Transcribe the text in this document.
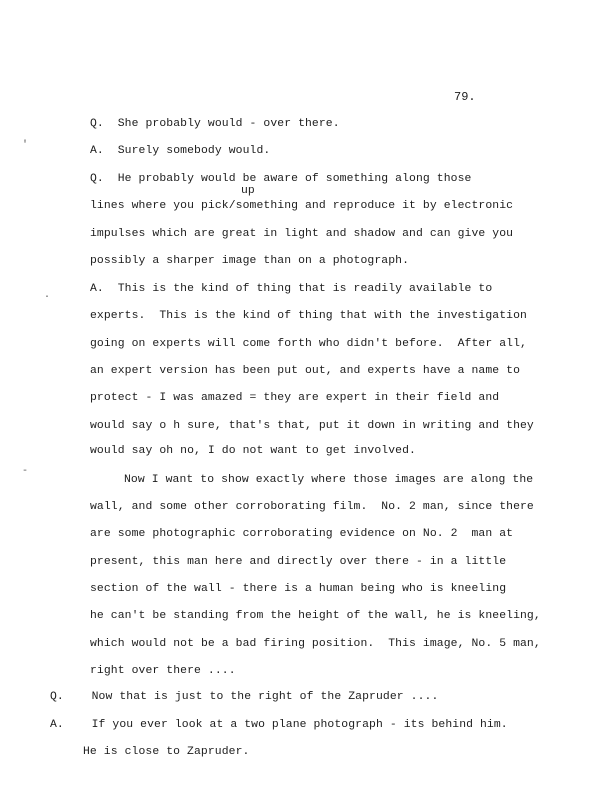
79.
'
.
-
Q.  She probably would - over there.
A.  Surely somebody would.
Q.  He probably would be aware of something along those
up
lines where you pick/something and reproduce it by electronic
impulses which are great in light and shadow and can give you
possibly a sharper image than on a photograph.
A.  This is the kind of thing that is readily available to
experts.  This is the kind of thing that with the investigation
going on experts will come forth who didn't before.  After all,
an expert version has been put out, and experts have a name to
protect - I was amazed = they are expert in their field and
would say o h sure, that's that, put it down in writing and they
would say oh no, I do not want to get involved.
Now I want to show exactly where those images are along the
wall, and some other corroborating film.  No. 2 man, since there
are some photographic corroborating evidence on No. 2  man at
present, this man here and directly over there - in a little
section of the wall - there is a human being who is kneeling
he can't be standing from the height of the wall, he is kneeling,
which would not be a bad firing position.  This image, No. 5 man,
right over there ....
Q.    Now that is just to the right of the Zapruder ....
A.    If you ever look at a two plane photograph - its behind him.
He is close to Zapruder.
